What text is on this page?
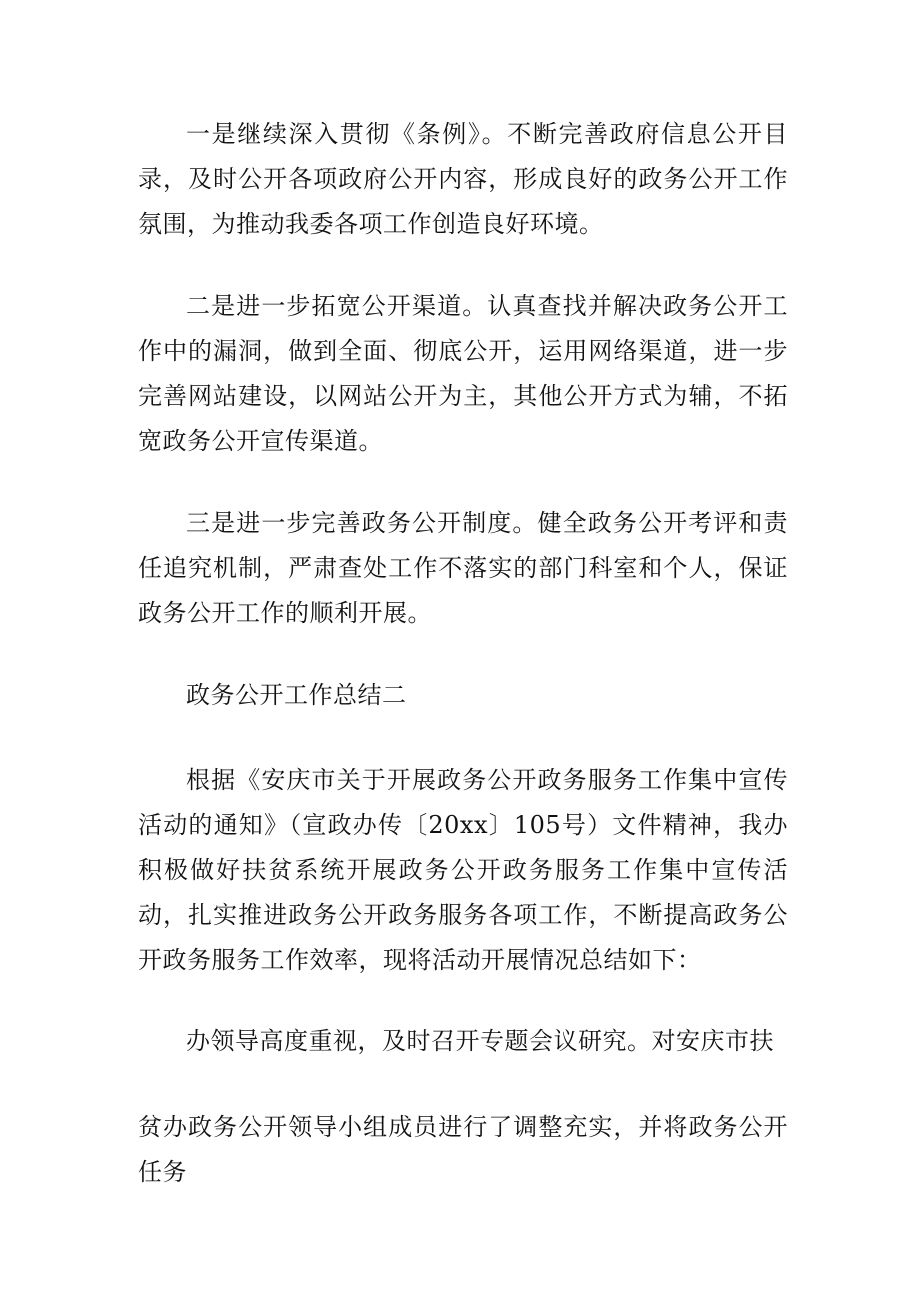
一是继续深入贯彻《条例》。不断完善政府信息公开目录，及时公开各项政府公开内容，形成良好的政务公开工作氛围，为推动我委各项工作创造良好环境。

二是进一步拓宽公开渠道。认真查找并解决政务公开工作中的漏洞，做到全面、彻底公开，运用网络渠道，进一步完善网站建设，以网站公开为主，其他公开方式为辅，不拓宽政务公开宣传渠道。

三是进一步完善政务公开制度。健全政务公开考评和责任追究机制，严肃查处工作不落实的部门科室和个人，保证政务公开工作的顺利开展。

政务公开工作总结二

根据《安庆市关于开展政务公开政务服务工作集中宣传活动的通知》（宣政办传〔20xx〕105号）文件精神，我办积极做好扶贫系统开展政务公开政务服务工作集中宣传活动，扎实推进政务公开政务服务各项工作，不断提高政务公开政务服务工作效率，现将活动开展情况总结如下：

办领导高度重视，及时召开专题会议研究。对安庆市扶

贫办政务公开领导小组成员进行了调整充实，并将政务公开任务
